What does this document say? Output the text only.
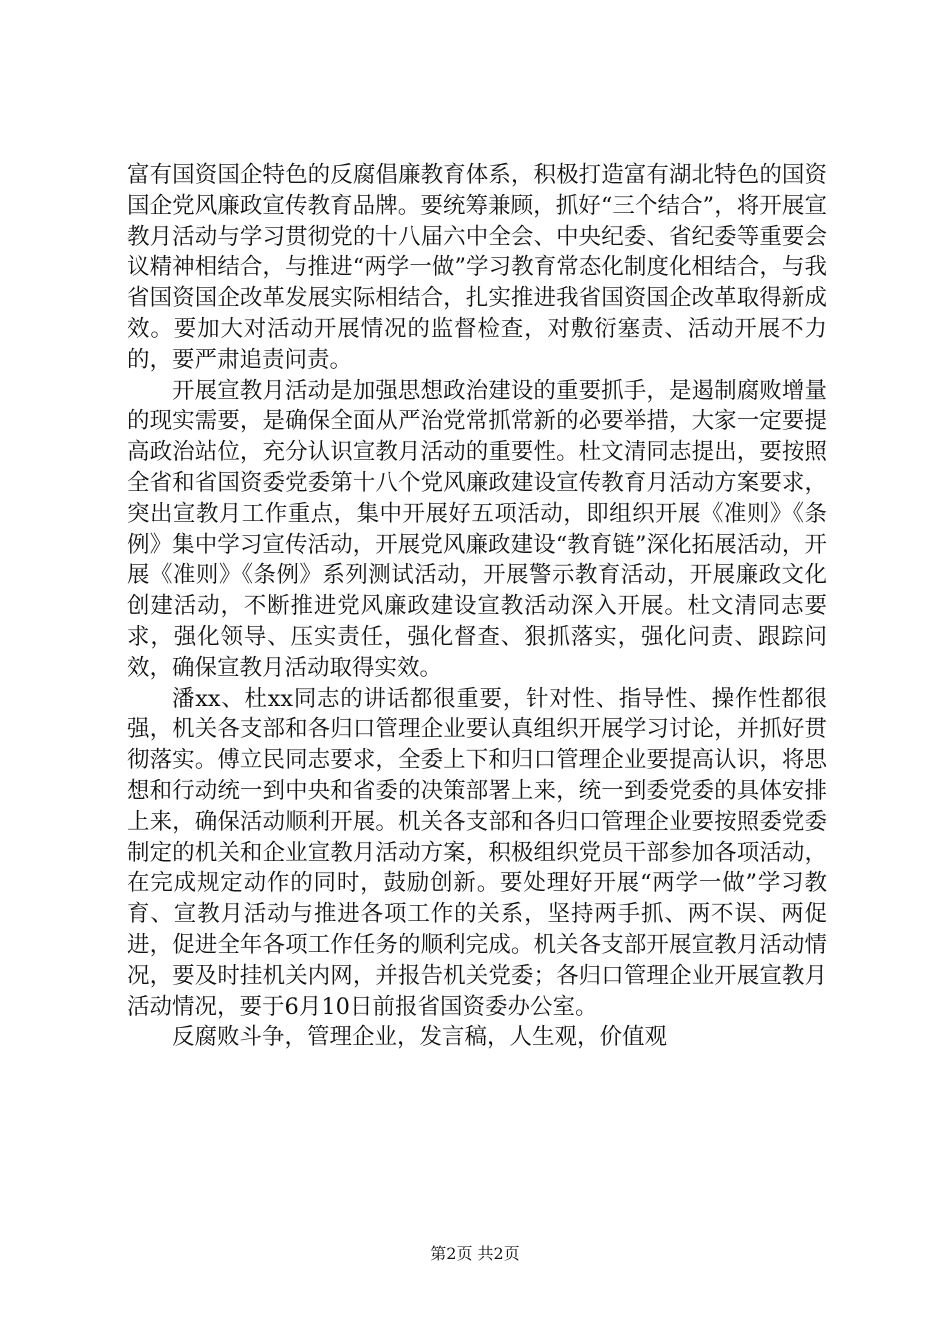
富有国资国企特色的反腐倡廉教育体系，积极打造富有湖北特色的国资国企党风廉政宣传教育品牌。要统筹兼顾，抓好“三个结合”，将开展宣教月活动与学习贯彻党的十八届六中全会、中央纪委、省纪委等重要会议精神相结合，与推进“两学一做”学习教育常态化制度化相结合，与我省国资国企改革发展实际相结合，扎实推进我省国资国企改革取得新成效。要加大对活动开展情况的监督检查，对敷衍塞责、活动开展不力的，要严肃追责问责。

开展宣教月活动是加强思想政治建设的重要抓手，是遏制腐败增量的现实需要，是确保全面从严治党常抓常新的必要举措，大家一定要提高政治站位，充分认识宣教月活动的重要性。杜文清同志提出，要按照全省和省国资委党委第十八个党风廉政建设宣传教育月活动方案要求，突出宣教月工作重点，集中开展好五项活动，即组织开展《准则》《条例》集中学习宣传活动，开展党风廉政建设“教育链”深化拓展活动，开展《准则》《条例》系列测试活动，开展警示教育活动，开展廉政文化创建活动，不断推进党风廉政建设宣教活动深入开展。杜文清同志要求，强化领导、压实责任，强化督查、狠抓落实，强化问责、跟踪问效，确保宣教月活动取得实效。

潘xx、杜xx同志的讲话都很重要，针对性、指导性、操作性都很强，机关各支部和各归口管理企业要认真组织开展学习讨论，并抓好贯彻落实。傅立民同志要求，全委上下和归口管理企业要提高认识，将思想和行动统一到中央和省委的决策部署上来，统一到委党委的具体安排上来，确保活动顺利开展。机关各支部和各归口管理企业要按照委党委制定的机关和企业宣教月活动方案，积极组织党员干部参加各项活动，在完成规定动作的同时，鼓励创新。要处理好开展“两学一做”学习教育、宣教月活动与推进各项工作的关系，坚持两手抓、两不误、两促进，促进全年各项工作任务的顺利完成。机关各支部开展宣教月活动情况，要及时挂机关内网，并报告机关党委；各归口管理企业开展宣教月活动情况，要于6月10日前报省国资委办公室。

反腐败斗争，管理企业，发言稿，人生观，价值观

第2页 共2页
